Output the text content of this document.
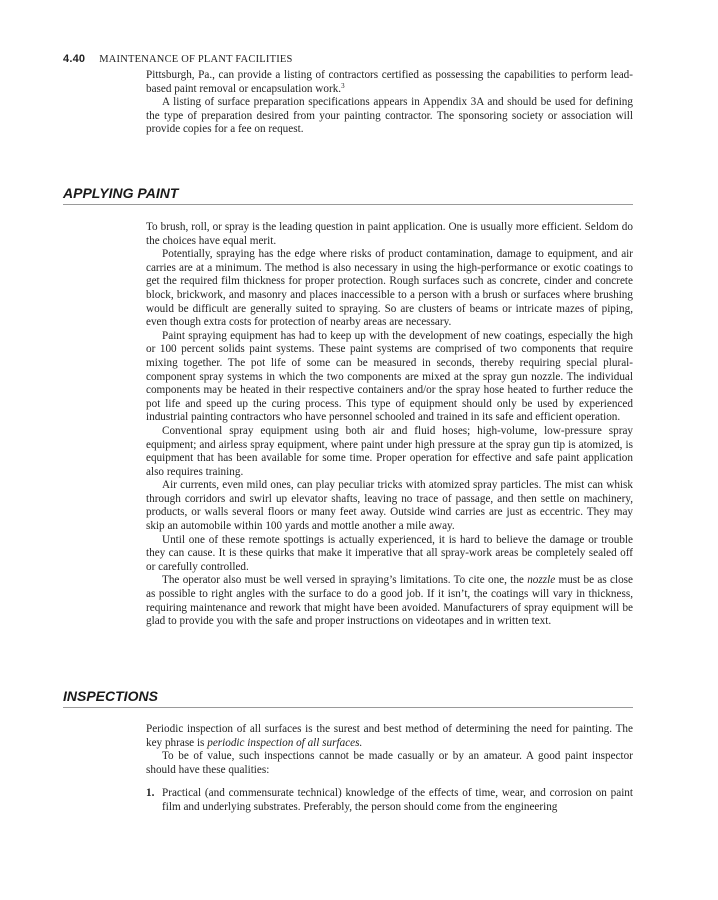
4.40 MAINTENANCE OF PLANT FACILITIES

Pittsburgh, Pa., can provide a listing of contractors certified as possessing the capabilities to perform lead-based paint removal or encapsulation work.$^3$

A listing of surface preparation specifications appears in Appendix 3A and should be used for defining the type of preparation desired from your painting contractor. The sponsoring society or association will provide copies for a fee on request.

APPLYING PAINT

To brush, roll, or spray is the leading question in paint application. One is usually more efficient. Seldom do the choices have equal merit.

Potentially, spraying has the edge where risks of product contamination, damage to equipment, and air carries are at a minimum. The method is also necessary in using the high-performance or exotic coatings to get the required film thickness for proper protection. Rough surfaces such as concrete, cinder and concrete block, brickwork, and masonry and places inaccessible to a person with a brush or surfaces where brushing would be difficult are generally suited to spraying. So are clusters of beams or intricate mazes of piping, even though extra costs for protection of nearby areas are necessary.

Paint spraying equipment has had to keep up with the development of new coatings, especially the high or 100 percent solids paint systems. These paint systems are comprised of two components that require mixing together. The pot life of some can be measured in seconds, thereby requiring special plural-component spray systems in which the two components are mixed at the spray gun nozzle. The individual components may be heated in their respective containers and/or the spray hose heated to further reduce the pot life and speed up the curing process. This type of equipment should only be used by experienced industrial painting contractors who have personnel schooled and trained in its safe and efficient operation.

Conventional spray equipment using both air and fluid hoses; high-volume, low-pressure spray equipment; and airless spray equipment, where paint under high pressure at the spray gun tip is atomized, is equipment that has been available for some time. Proper operation for effective and safe paint application also requires training.

Air currents, even mild ones, can play peculiar tricks with atomized spray particles. The mist can whisk through corridors and swirl up elevator shafts, leaving no trace of passage, and then settle on machinery, products, or walls several floors or many feet away. Outside wind carries are just as eccentric. They may skip an automobile within 100 yards and mottle another a mile away.

Until one of these remote spottings is actually experienced, it is hard to believe the damage or trouble they can cause. It is these quirks that make it imperative that all spray-work areas be completely sealed off or carefully controlled.

The operator also must be well versed in spraying’s limitations. To cite one, the nozzle must be as close as possible to right angles with the surface to do a good job. If it isn’t, the coatings will vary in thickness, requiring maintenance and rework that might have been avoided. Manufacturers of spray equipment will be glad to provide you with the safe and proper instructions on videotapes and in written text.

INSPECTIONS

Periodic inspection of all surfaces is the surest and best method of determining the need for painting. The key phrase is periodic inspection of all surfaces.

To be of value, such inspections cannot be made casually or by an amateur. A good paint inspector should have these qualities:

1. Practical (and commensurate technical) knowledge of the effects of time, wear, and corrosion on paint film and underlying substrates. Preferably, the person should come from the engineering
